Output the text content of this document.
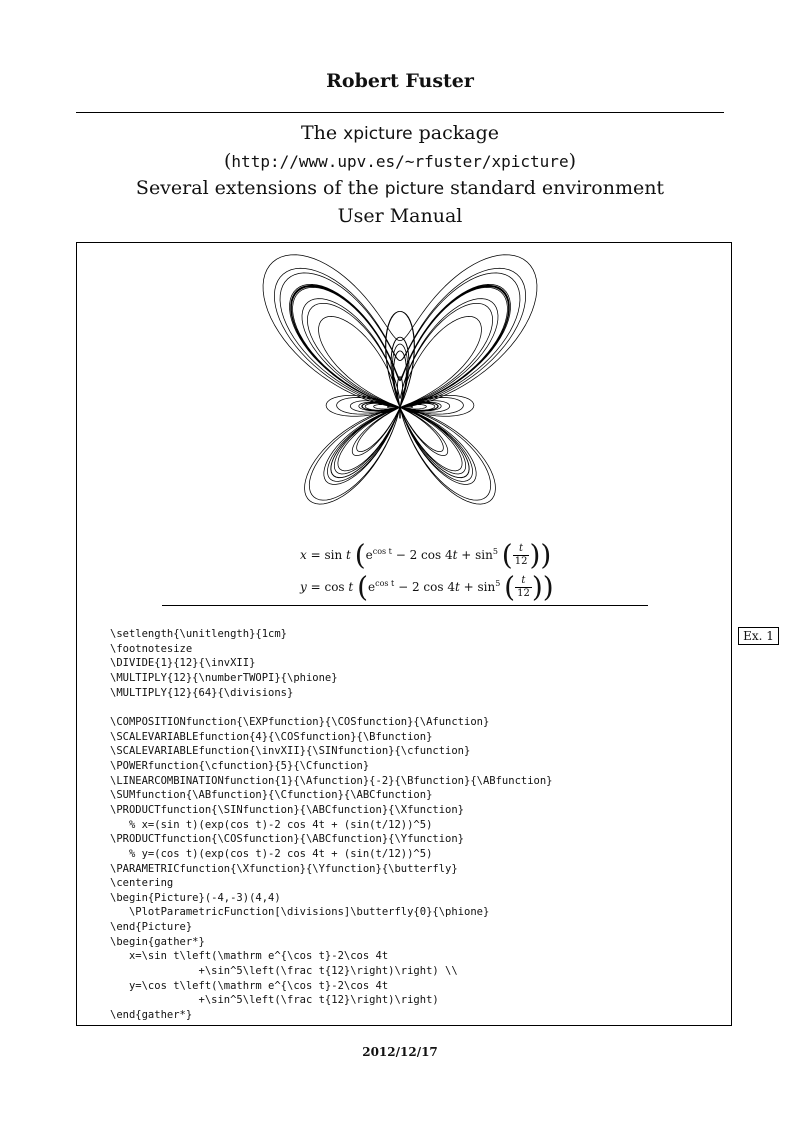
Robert Fuster
The xpicture package
(http://www.upv.es/~rfuster/xpicture)
Several extensions of the picture standard environment
User Manual
x = sin t ($e^{cos t} - 2$ $\cos 4t + \sin^5$ ( $\frac{t}{12}$ ))
y = cos t ($e^{cos t} - 2$ $\cos 4t + \sin^5$ ( $\frac{t}{12}$ ))
Ex. 1
\setlength{\unitlength}{1cm}
\footnotesize
\DIVIDE{1}{12}{\invXII}
\MULTIPLY{12}{\numberTWOPI}{\phione}
\MULTIPLY{12}{64}{\divisions}

\COMPOSITIONfunction{\EXPfunction}{\COSfunction}{\Afunction}
\SCALEVARIABLEfunction{4}{\COSfunction}{\Bfunction}
\SCALEVARIABLEfunction{\invXII}{\SINfunction}{\cfunction}
\POWERfunction{\cfunction}{5}{\Cfunction}
\LINEARCOMBINATIONfunction{1}{\Afunction}{-2}{\Bfunction}{\ABfunction}
\SUMfunction{\ABfunction}{\Cfunction}{\ABCfunction}
\PRODUCTfunction{\SINfunction}{\ABCfunction}{\Xfunction}
% x=(sin t)(exp(cos t)-2 cos 4t + (sin(t/12))^5)
\PRODUCTfunction{\COSfunction}{\ABCfunction}{\Yfunction}
% y=(cos t)(exp(cos t)-2 cos 4t + (sin(t/12))^5)
\PARAMETRICfunction{\Xfunction}{\Yfunction}{\butterfly}
\centering
\begin{Picture}(-4,-3)(4,4)
\PlotParametricFunction[\divisions]\butterfly{0}{\phione}
\end{Picture}
\begin{gather*}
x=\sin t\left(\mathrm e^{\cos t}-2\cos 4t
+\sin^5\left(\frac t{12}\right)\right) \\
y=\cos t\left(\mathrm e^{\cos t}-2\cos 4t
+\sin^5\left(\frac t{12}\right)\right)
\end{gather*}
2012/12/17
